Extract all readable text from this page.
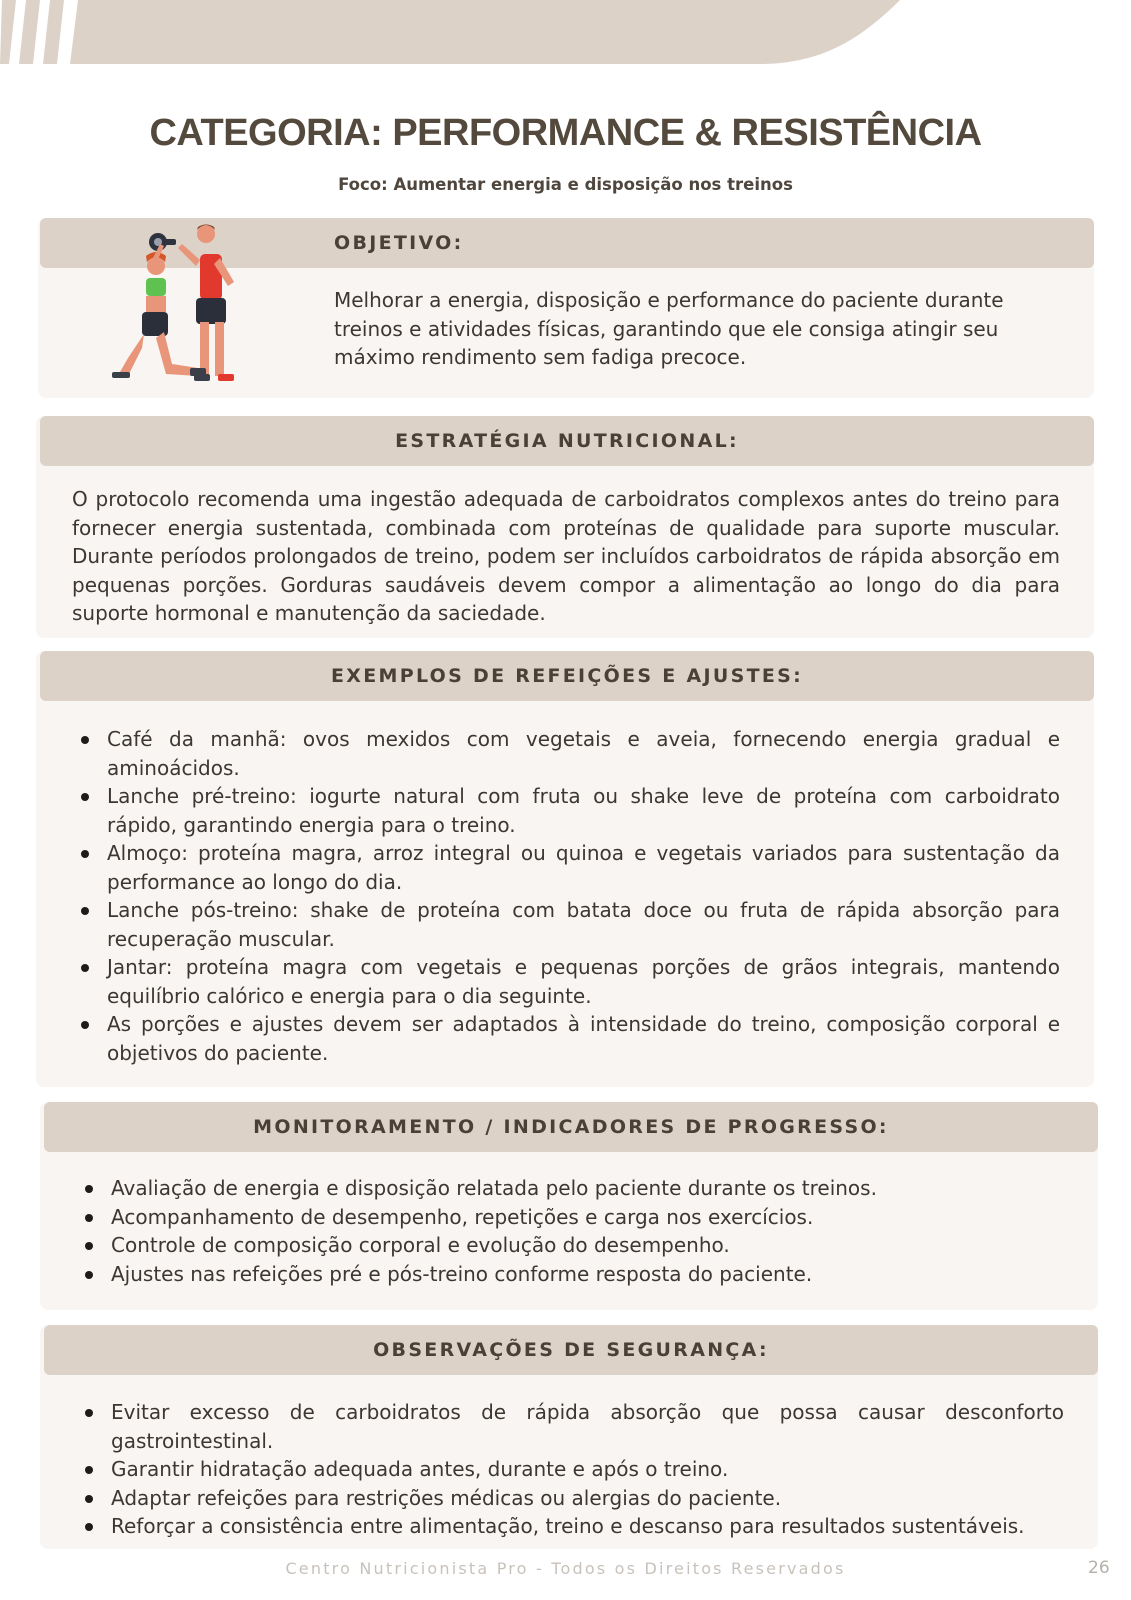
CATEGORIA: PERFORMANCE & RESISTÊNCIA
Foco: Aumentar energia e disposição nos treinos
OBJETIVO:
Melhorar a energia, disposição e performance do paciente durante treinos e atividades físicas, garantindo que ele consiga atingir seu máximo rendimento sem fadiga precoce.
ESTRATÉGIA NUTRICIONAL:
O protocolo recomenda uma ingestão adequada de carboidratos complexos antes do treino para fornecer energia sustentada, combinada com proteínas de qualidade para suporte muscular. Durante períodos prolongados de treino, podem ser incluídos carboidratos de rápida absorção em pequenas porções. Gorduras saudáveis devem compor a alimentação ao longo do dia para suporte hormonal e manutenção da saciedade.
EXEMPLOS DE REFEIÇÕES E AJUSTES:
Café da manhã: ovos mexidos com vegetais e aveia, fornecendo energia gradual e aminoácidos.
Lanche pré-treino: iogurte natural com fruta ou shake leve de proteína com carboidrato rápido, garantindo energia para o treino.
Almoço: proteína magra, arroz integral ou quinoa e vegetais variados para sustentação da performance ao longo do dia.
Lanche pós-treino: shake de proteína com batata doce ou fruta de rápida absorção para recuperação muscular.
Jantar: proteína magra com vegetais e pequenas porções de grãos integrais, mantendo equilíbrio calórico e energia para o dia seguinte.
As porções e ajustes devem ser adaptados à intensidade do treino, composição corporal e objetivos do paciente.
MONITORAMENTO / INDICADORES DE PROGRESSO:
Avaliação de energia e disposição relatada pelo paciente durante os treinos.
Acompanhamento de desempenho, repetições e carga nos exercícios.
Controle de composição corporal e evolução do desempenho.
Ajustes nas refeições pré e pós-treino conforme resposta do paciente.
OBSERVAÇÕES DE SEGURANÇA:
Evitar excesso de carboidratos de rápida absorção que possa causar desconforto gastrointestinal.
Garantir hidratação adequada antes, durante e após o treino.
Adaptar refeições para restrições médicas ou alergias do paciente.
Reforçar a consistência entre alimentação, treino e descanso para resultados sustentáveis.
Centro Nutricionista Pro - Todos os Direitos Reservados	26
